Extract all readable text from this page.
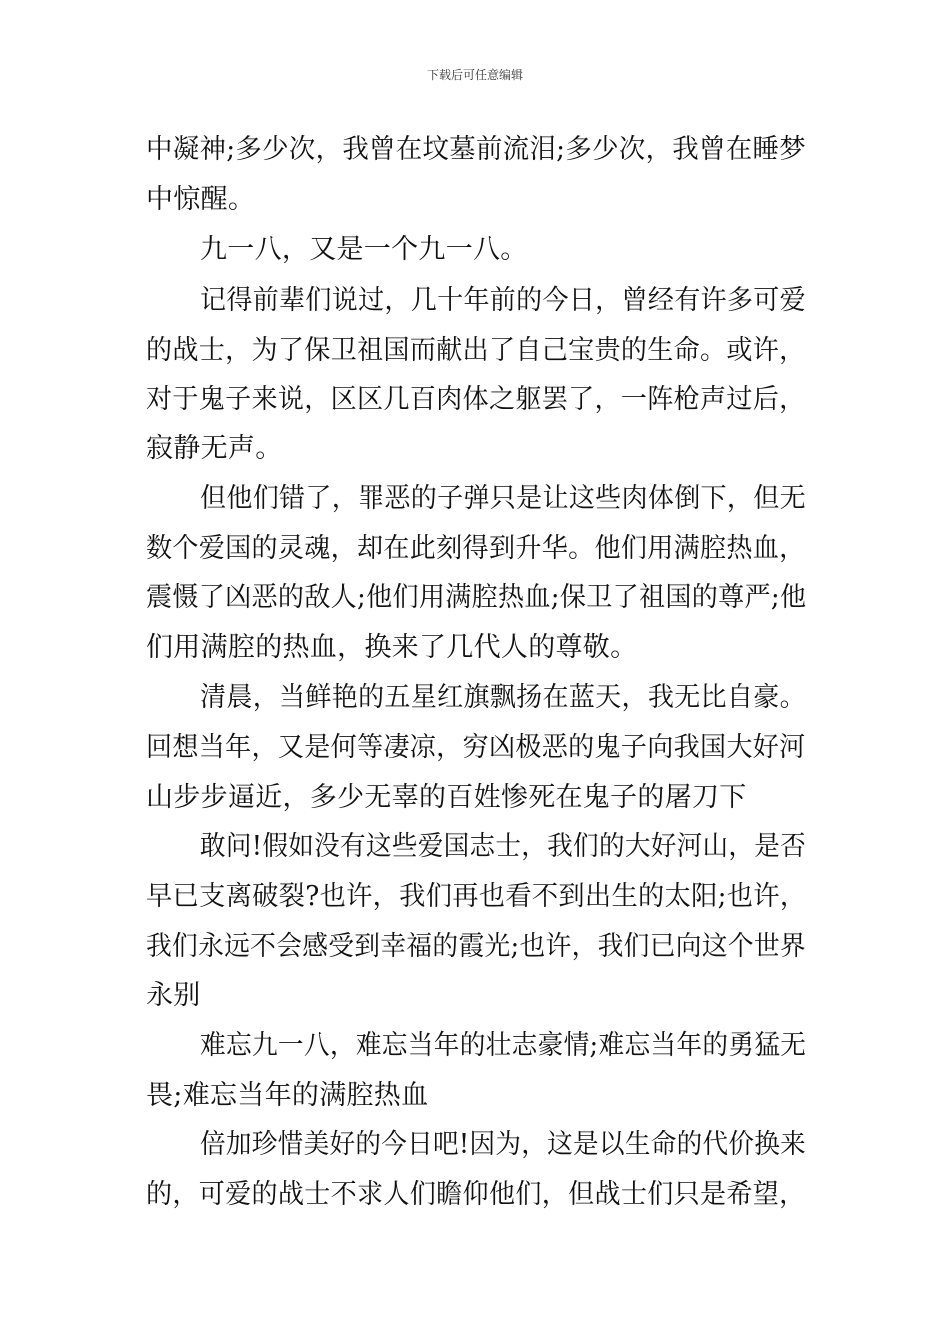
下载后可任意编辑
中凝神;多少次，我曾在坟墓前流泪;多少次，我曾在睡梦
中惊醒。
九一八，又是一个九一八。
记得前辈们说过，几十年前的今日，曾经有许多可爱
的战士，为了保卫祖国而献出了自己宝贵的生命。或许，
对于鬼子来说，区区几百肉体之躯罢了，一阵枪声过后，
寂静无声。
但他们错了，罪恶的子弹只是让这些肉体倒下，但无
数个爱国的灵魂，却在此刻得到升华。他们用满腔热血，
震慑了凶恶的敌人;他们用满腔热血;保卫了祖国的尊严;他
们用满腔的热血，换来了几代人的尊敬。
清晨，当鲜艳的五星红旗飘扬在蓝天，我无比自豪。
回想当年，又是何等凄凉，穷凶极恶的鬼子向我国大好河
山步步逼近，多少无辜的百姓惨死在鬼子的屠刀下
敢问!假如没有这些爱国志士，我们的大好河山，是否
早已支离破裂?也许，我们再也看不到出生的太阳;也许，
我们永远不会感受到幸福的霞光;也许，我们已向这个世界
永别
难忘九一八，难忘当年的壮志豪情;难忘当年的勇猛无
畏;难忘当年的满腔热血
倍加珍惜美好的今日吧!因为，这是以生命的代价换来
的，可爱的战士不求人们瞻仰他们，但战士们只是希望，
